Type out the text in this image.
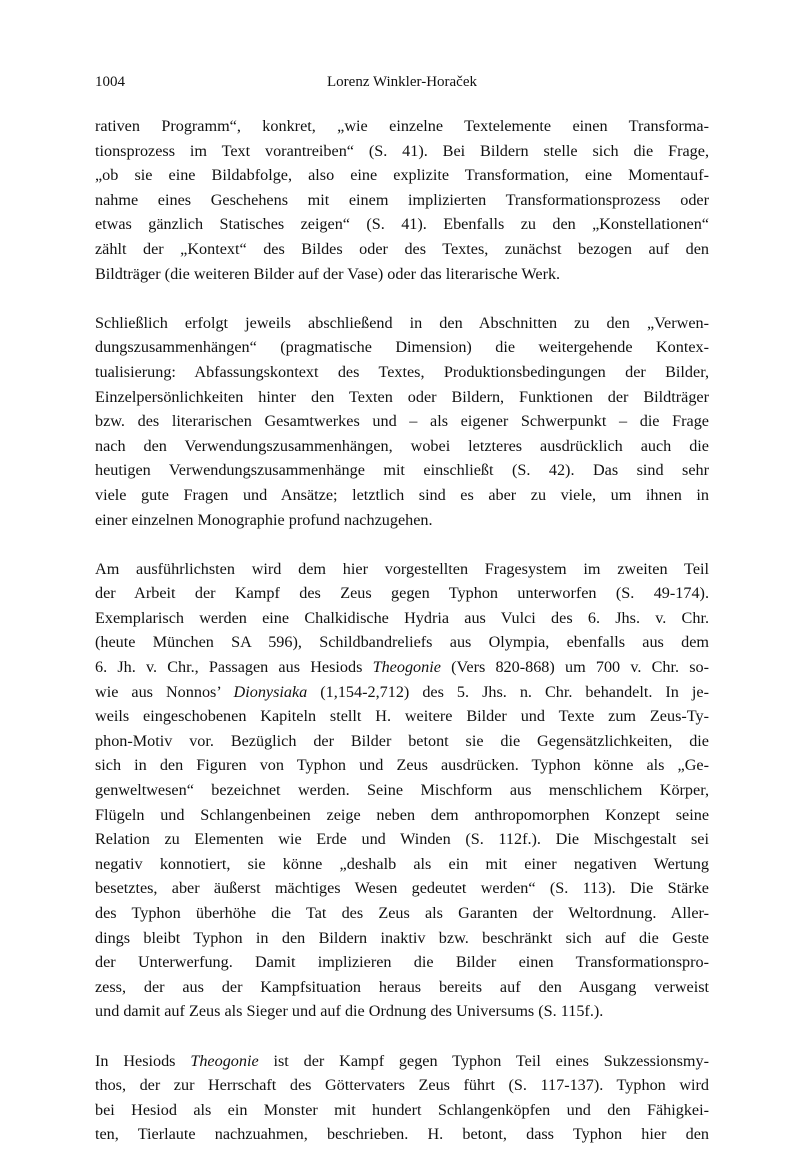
1004	Lorenz Winkler-Horaček
rativen Programm“, konkret, „wie einzelne Textelemente einen Transforma-
tionsprozess im Text vorantreiben“ (S. 41). Bei Bildern stelle sich die Frage,
„ob sie eine Bildabfolge, also eine explizite Transformation, eine Momentauf-
nahme eines Geschehens mit einem implizierten Transformationsprozess oder
etwas gänzlich Statisches zeigen“ (S. 41). Ebenfalls zu den „Konstellationen“
zählt der „Kontext“ des Bildes oder des Textes, zunächst bezogen auf den
Bildträger (die weiteren Bilder auf der Vase) oder das literarische Werk.
Schließlich erfolgt jeweils abschließend in den Abschnitten zu den „Verwen-
dungszusammenhängen“ (pragmatische Dimension) die weitergehende Kontex-
tualisierung: Abfassungskontext des Textes, Produktionsbedingungen der Bilder,
Einzelpersönlichkeiten hinter den Texten oder Bildern, Funktionen der Bildträger
bzw. des literarischen Gesamtwerkes und – als eigener Schwerpunkt – die Frage
nach den Verwendungszusammenhängen, wobei letzteres ausdrücklich auch die
heutigen Verwendungszusammenhänge mit einschließt (S. 42). Das sind sehr
viele gute Fragen und Ansätze; letztlich sind es aber zu viele, um ihnen in
einer einzelnen Monographie profund nachzugehen.
Am ausführlichsten wird dem hier vorgestellten Fragesystem im zweiten Teil
der Arbeit der Kampf des Zeus gegen Typhon unterworfen (S. 49-174).
Exemplarisch werden eine Chalkidische Hydria aus Vulci des 6. Jhs. v. Chr.
(heute München SA 596), Schildbandreliefs aus Olympia, ebenfalls aus dem
6. Jh. v. Chr., Passagen aus Hesiods Theogonie (Vers 820-868) um 700 v. Chr. so-
wie aus Nonnos’ Dionysiaka (1,154-2,712) des 5. Jhs. n. Chr. behandelt. In je-
weils eingeschobenen Kapiteln stellt H. weitere Bilder und Texte zum Zeus-Ty-
phon-Motiv vor. Bezüglich der Bilder betont sie die Gegensätzlichkeiten, die
sich in den Figuren von Typhon und Zeus ausdrücken. Typhon könne als „Ge-
genweltwesen“ bezeichnet werden. Seine Mischform aus menschlichem Körper,
Flügeln und Schlangenbeinen zeige neben dem anthropomorphen Konzept seine
Relation zu Elementen wie Erde und Winden (S. 112f.). Die Mischgestalt sei
negativ konnotiert, sie könne „deshalb als ein mit einer negativen Wertung
besetztes, aber äußerst mächtiges Wesen gedeutet werden“ (S. 113). Die Stärke
des Typhon überhöhe die Tat des Zeus als Garanten der Weltordnung. Aller-
dings bleibt Typhon in den Bildern inaktiv bzw. beschränkt sich auf die Geste
der Unterwerfung. Damit implizieren die Bilder einen Transformationspro-
zess, der aus der Kampfsituation heraus bereits auf den Ausgang verweist
und damit auf Zeus als Sieger und auf die Ordnung des Universums (S. 115f.).
In Hesiods Theogonie ist der Kampf gegen Typhon Teil eines Sukzessionsmy-
thos, der zur Herrschaft des Göttervaters Zeus führt (S. 117-137). Typhon wird
bei Hesiod als ein Monster mit hundert Schlangenköpfen und den Fähigkei-
ten, Tierlaute nachzuahmen, beschrieben. H. betont, dass Typhon hier den
